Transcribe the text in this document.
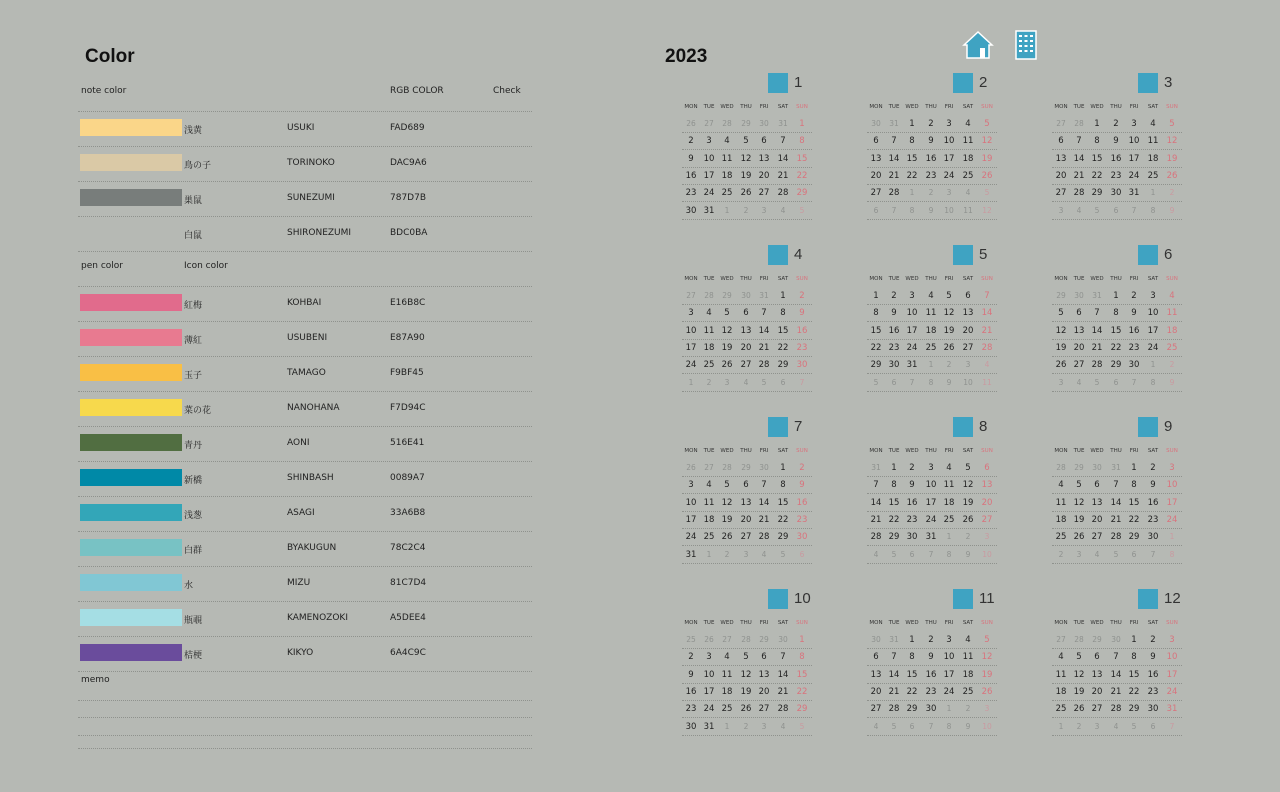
Color
note color	RGB COLOR	Check
浅黄	USUKI	FAD689
鳥の子	TORINOKO	DAC9A6
巣鼠	SUNEZUMI	787D7B
白鼠	SHIRONEZUMI	BDC0BA
pen color	Icon color
紅梅	KOHBAI	E16B8C
薄紅	USUBENI	E87A90
玉子	TAMAGO	F9BF45
菜の花	NANOHANA	F7D94C
青丹	AONI	516E41
新橋	SHINBASH	0089A7
浅葱	ASAGI	33A6B8
白群	BYAKUGUN	78C2C4
水	MIZU	81C7D4
瓶覗	KAMENOZOKI	A5DEE4
桔梗	KIKYO	6A4C9C
memo
2023
1
MON	TUE	WED	THU	FRI	SAT	SUN
26	27	28	29	30	31	1
2	3	4	5	6	7	8
9	10 11 12 13 14 15
16 17 18 19 20 21 22
23 24 25 26 27 28 29
30 31	1	2	3	4	5
2
MON	TUE	WED	THU	FRI	SAT	SUN
30	31	1	2	3	4	5
6	7	8	9	10 11 12
13 14 15 16 17 18 19
20 21 22 23 24 25 26
27 28	1	2	3	4	5
6	7	8	9	10	11	12
3
MON	TUE	WED	THU	FRI	SAT	SUN
27	28	1	2	3	4	5
6	7	8	9	10 11 12
13 14 15 16 17 18 19
20 21 22 23 24 25 26
27 28 29 30 31	1	2
3	4	5	6	7	8	9
4
MON	TUE	WED	THU	FRI	SAT	SUN
27	28	29	30	31	1	2
3	4	5	6	7	8	9
10 11 12 13 14 15 16
17 18 19 20 21 22 23
24 25 26 27 28 29 30
1	2	3	4	5	6	7
5
MON	TUE	WED	THU	FRI	SAT	SUN
1	2	3	4	5	6	7
8	9	10 11 12 13 14
15 16 17 18 19 20 21
22 23 24 25 26 27 28
29 30 31	1	2	3	4
5	6	7	8	9	10	11
6
MON	TUE	WED	THU	FRI	SAT	SUN
29	30	31	1	2	3	4
5	6	7	8	9	10 11
12 13 14 15 16 17 18
19 20 21 22 23 24 25
26 27 28 29 30	1	2
3	4	5	6	7	8	9
7
MON	TUE	WED	THU	FRI	SAT	SUN
26	27	28	29	30	1	2
3	4	5	6	7	8	9
10 11 12 13 14 15 16
17 18 19 20 21 22 23
24 25 26 27 28 29 30
31	1	2	3	4	5	6
8
MON	TUE	WED	THU	FRI	SAT	SUN
31	1	2	3	4	5	6
7	8	9	10 11 12 13
14 15 16 17 18 19 20
21 22 23 24 25 26 27
28 29 30 31	1	2	3
4	5	6	7	8	9	10
9
MON	TUE	WED	THU	FRI	SAT	SUN
28	29	30	31	1	2	3
4	5	6	7	8	9	10
11 12 13 14 15 16 17
18 19 20 21 22 23 24
25 26 27 28 29 30	1
2	3	4	5	6	7	8
10
MON	TUE	WED	THU	FRI	SAT	SUN
25	26	27	28	29	30	1
2	3	4	5	6	7	8
9	10 11 12 13 14 15
16 17 18 19 20 21 22
23 24 25 26 27 28 29
30 31	1	2	3	4	5
11
MON	TUE	WED	THU	FRI	SAT	SUN
30	31	1	2	3	4	5
6	7	8	9	10 11 12
13 14 15 16 17 18 19
20 21 22 23 24 25 26
27 28 29 30	1	2	3
4	5	6	7	8	9	10
12
MON	TUE	WED	THU	FRI	SAT	SUN
27	28	29	30	1	2	3
4	5	6	7	8	9	10
11 12 13 14 15 16 17
18 19 20 21 22 23 24
25 26 27 28 29 30 31
1	2	3	4	5	6	7
